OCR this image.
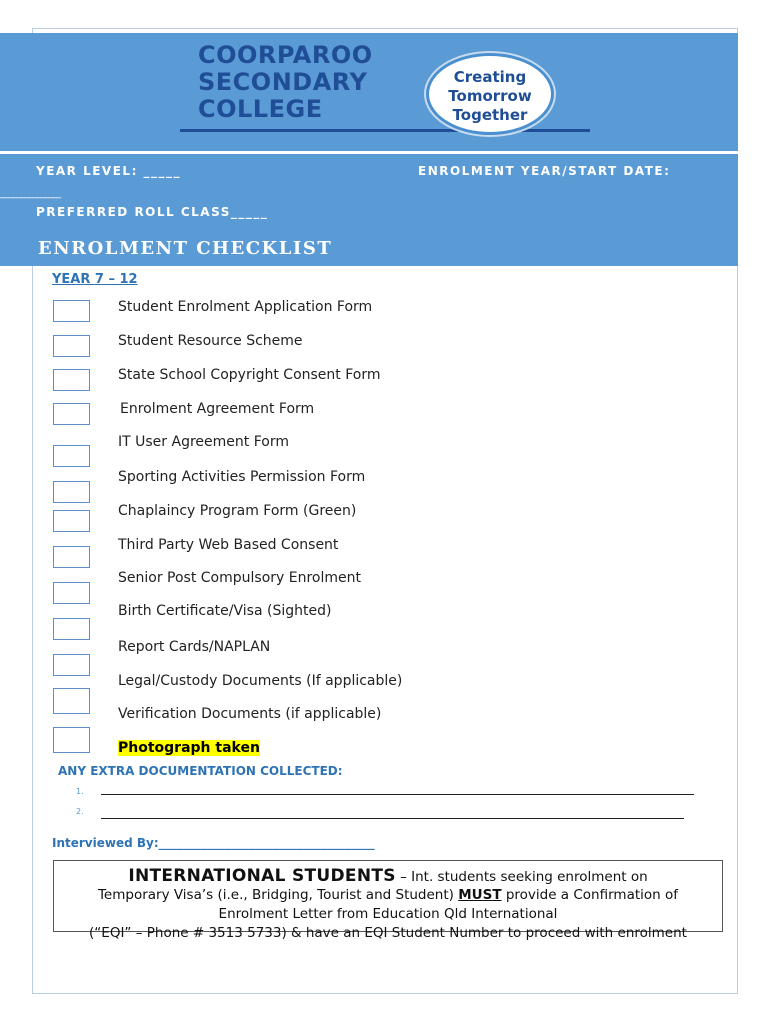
COORPAROO
SECONDARY
COLLEGE
Creating
Tomorrow
Together
YEAR LEVEL: _____	ENROLMENT YEAR/START DATE:
_______________
PREFERRED ROLL CLASS_____
ENROLMENT CHECKLIST
YEAR 7 – 12
Student Enrolment Application Form
Student Resource Scheme
State School Copyright Consent Form
Enrolment Agreement Form
IT User Agreement Form
Sporting Activities Permission Form
Chaplaincy Program Form (Green)
Third Party Web Based Consent
Senior Post Compulsory Enrolment
Birth Certificate/Visa (Sighted)
Report Cards/NAPLAN
Legal/Custody Documents (If applicable)
Verification Documents (if applicable)
Photograph taken
ANY EXTRA DOCUMENTATION COLLECTED:
1.
2.
Interviewed By:____________________________________
INTERNATIONAL STUDENTS – Int. students seeking enrolment on
Temporary Visa’s (i.e., Bridging, Tourist and Student) MUST provide a Confirmation of
Enrolment Letter from Education Qld International
(“EQI” – Phone # 3513 5733) & have an EQI Student Number to proceed with enrolment
